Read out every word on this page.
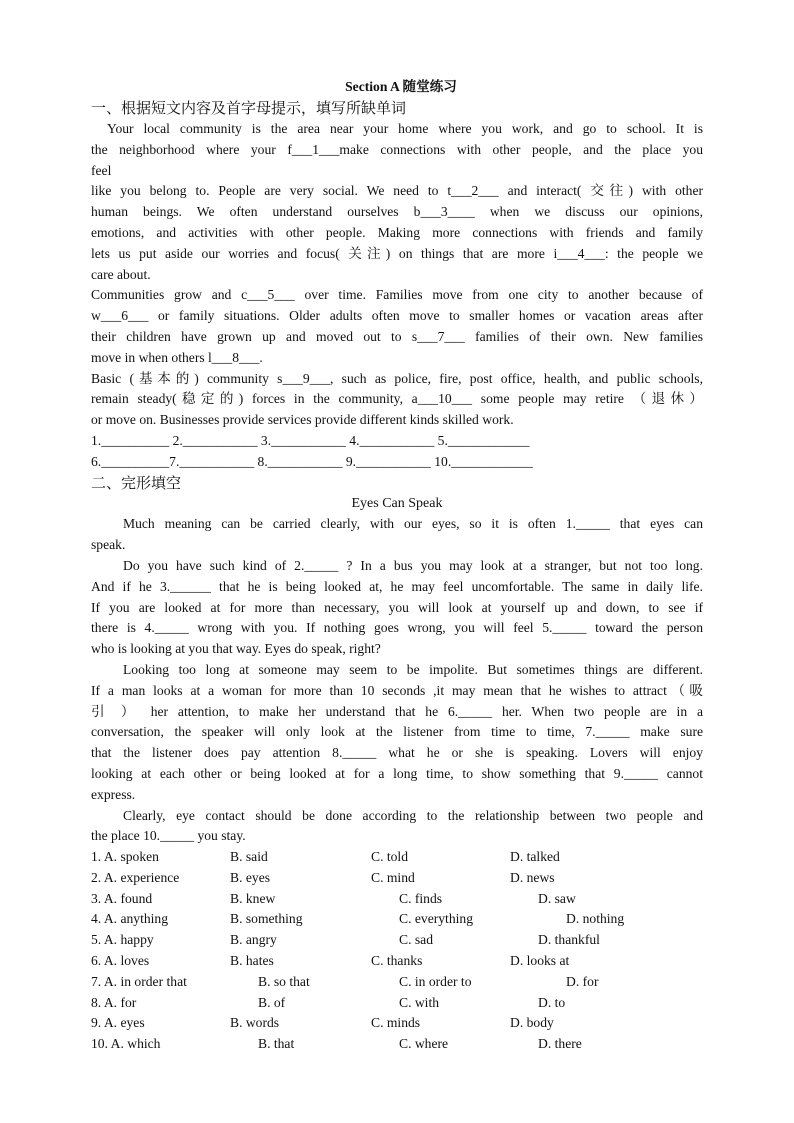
Section A 随堂练习
一、根据短文内容及首字母提示，填写所缺单词
Your local community is the area near your home where you work, and go to school. It is
the neighborhood where your f___1___make connections with other people, and the place you
feel
like you belong to. People are very social. We need to t___2___ and interact( 交往) with other
human beings. We often understand ourselves b___3____ when we discuss our opinions,
emotions, and activities with other people. Making more connections with friends and family
lets us put aside our worries and focus( 关注) on things that are more i___4___: the people we
care about.
Communities grow and c___5___ over time. Families move from one city to another because of
w___6___ or family situations. Older adults often move to smaller homes or vacation areas after
their children have grown up and moved out to s___7___ families of their own. New families
move in when others l___8___.
Basic (基本的) community s___9___, such as police, fire, post office, health, and public schools,
remain steady(稳定的) forces in the community, a___10___ some people may retire （退休）
or move on. Businesses provide services provide different kinds skilled work.
1.__________ 2.___________ 3.___________ 4.___________ 5.____________
6.__________7.___________ 8.___________ 9.___________ 10.____________
二、完形填空
Eyes Can Speak
Much meaning can be carried clearly, with our eyes, so it is often 1._____ that eyes can
speak.
Do you have such kind of 2._____ ? In a bus you may look at a stranger, but not too long.
And if he 3.______ that he is being looked at, he may feel uncomfortable. The same in daily life.
If you are looked at for more than necessary, you will look at yourself up and down, to see if
there is 4._____ wrong with you. If nothing goes wrong, you will feel 5._____ toward the person
who is looking at you that way. Eyes do speak, right?
Looking too long at someone may seem to be impolite. But sometimes things are different.
If a man looks at a woman for more than 10 seconds ,it may mean that he wishes to attract（吸
引 ） her attention, to make her understand that he 6._____ her. When two people are in a
conversation, the speaker will only look at the listener from time to time, 7._____ make sure
that the listener does pay attention 8._____ what he or she is speaking. Lovers will enjoy
looking at each other or being looked at for a long time, to show something that 9._____ cannot
express.
Clearly, eye contact should be done according to the relationship between two people and
the place 10._____ you stay.
1. A. spoken	B. said	C. told	D. talked
2. A. experience	B. eyes	C. mind	D. news
3. A. found	B. knew	C. finds	D. saw
4. A. anything	B. something	C. everything	D. nothing
5. A. happy	B. angry	C. sad	D. thankful
6. A. loves	B. hates	C. thanks	D. looks at
7. A. in order that	B. so that	C. in order to	D. for
8. A. for	B. of	C. with	D. to
9. A. eyes	B. words	C. minds	D. body
10. A. which	B. that	C. where	D. there
